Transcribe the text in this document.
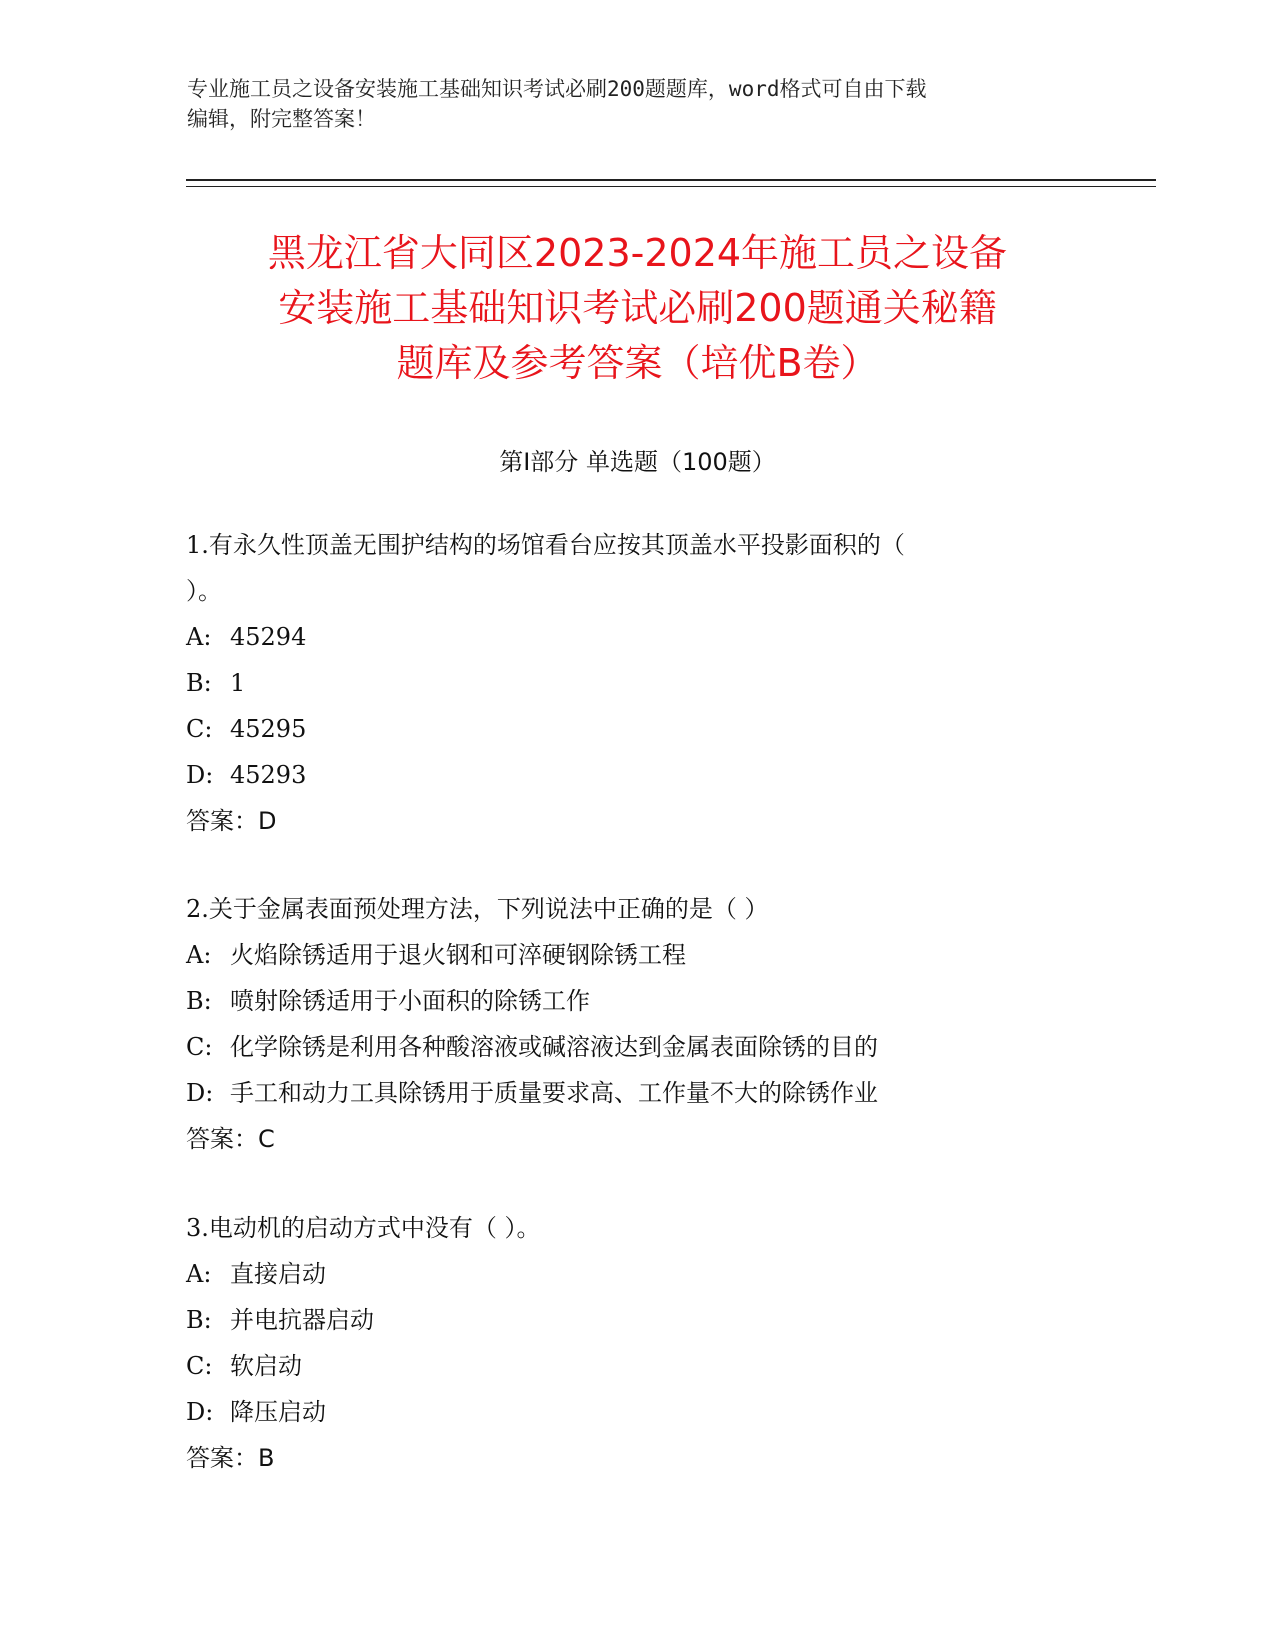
专业施工员之设备安装施工基础知识考试必刷200题题库，word格式可自由下载
编辑，附完整答案！
黑龙江省大同区2023-2024年施工员之设备
安装施工基础知识考试必刷200题通关秘籍
题库及参考答案（培优B卷）
第Ⅰ部分 单选题（100题）
1.有永久性顶盖无围护结构的场馆看台应按其顶盖水平投影面积的（
）。
A: 45294
B: 1
C: 45295
D: 45293
答案：D
2.关于金属表面预处理方法，下列说法中正确的是（ ）
A: 火焰除锈适用于退火钢和可淬硬钢除锈工程
B: 喷射除锈适用于小面积的除锈工作
C: 化学除锈是利用各种酸溶液或碱溶液达到金属表面除锈的目的
D: 手工和动力工具除锈用于质量要求高、工作量不大的除锈作业
答案：C
3.电动机的启动方式中没有（ ）。
A: 直接启动
B: 并电抗器启动
C: 软启动
D: 降压启动
答案：B
